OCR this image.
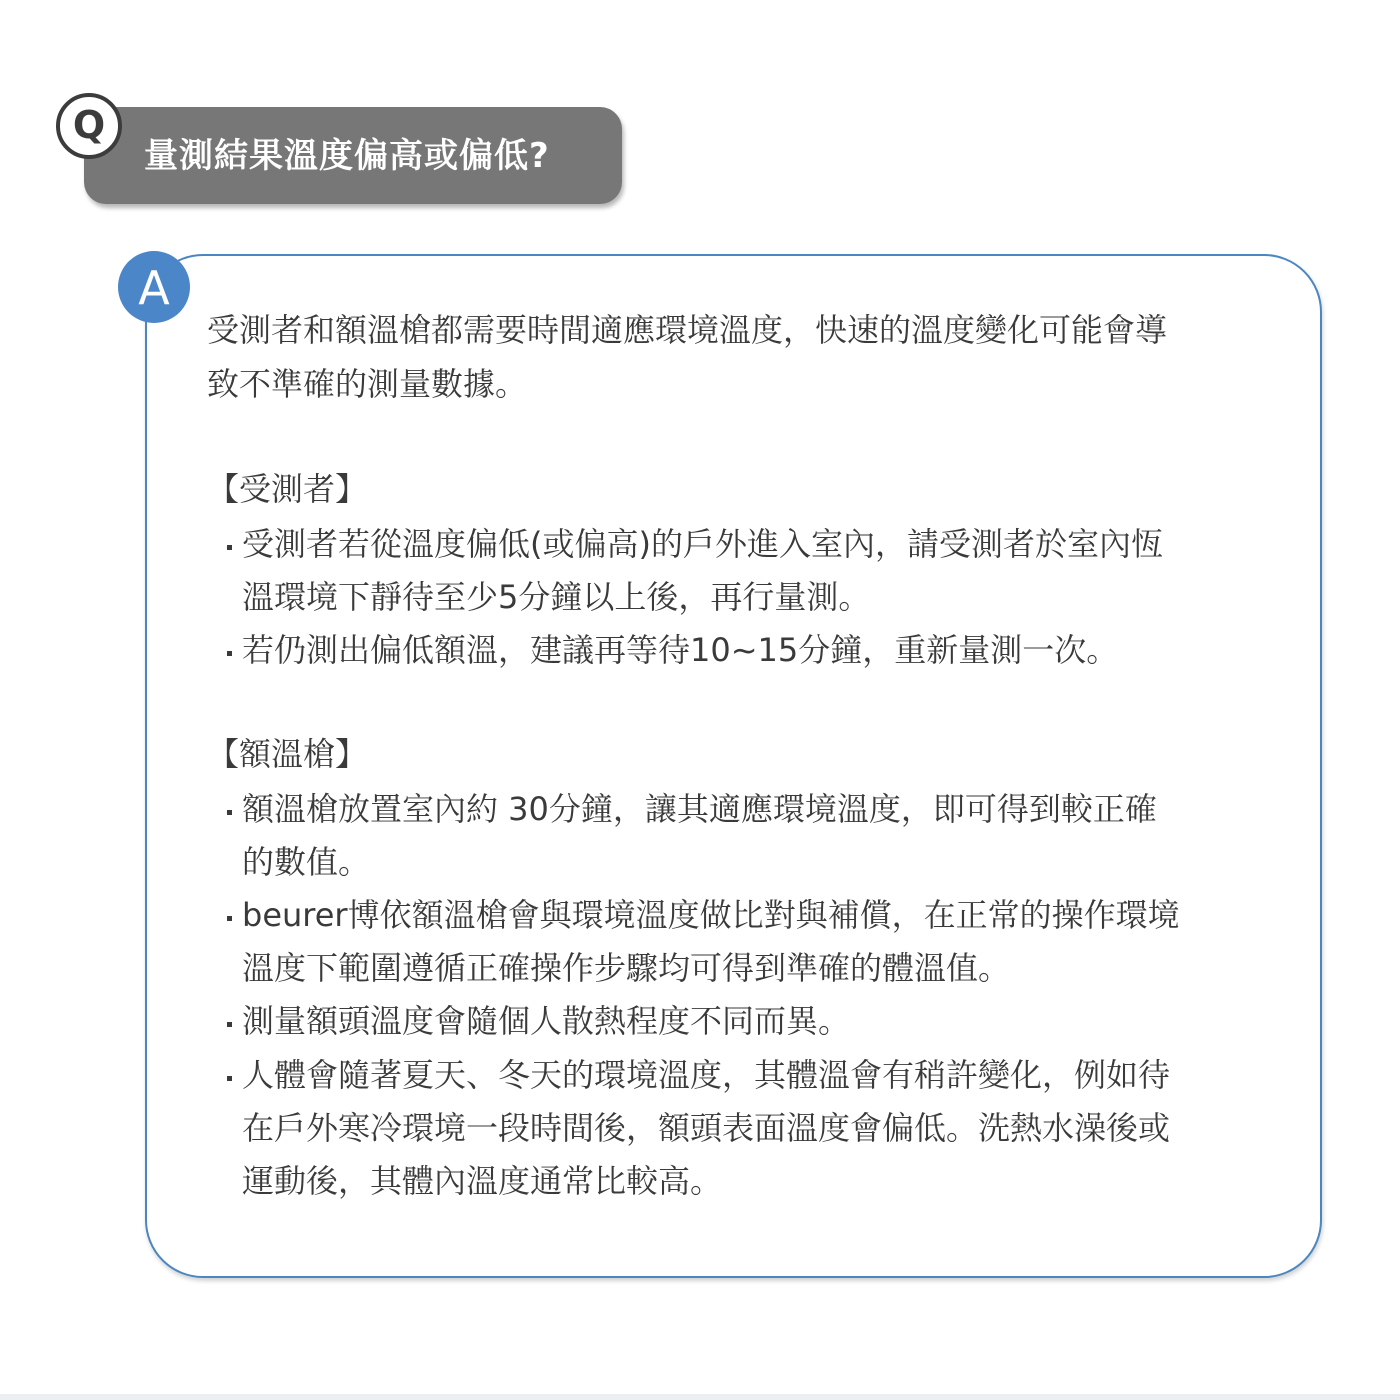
量測結果溫度偏高或偏低?
Q
A
受測者和額溫槍都需要時間適應環境溫度，快速的溫度變化可能會導
致不準確的測量數據。
【受測者】
受測者若從溫度偏低(或偏高)的戶外進入室內，請受測者於室內恆
溫環境下靜待至少5分鐘以上後，再行量測。
若仍測出偏低額溫，建議再等待10~15分鐘，重新量測一次。
【額溫槍】
額溫槍放置室內約 30分鐘，讓其適應環境溫度，即可得到較正確
的數值。
beurer博依額溫槍會與環境溫度做比對與補償，在正常的操作環境
溫度下範圍遵循正確操作步驟均可得到準確的體溫值。
測量額頭溫度會隨個人散熱程度不同而異。
人體會隨著夏天、冬天的環境溫度，其體溫會有稍許變化，例如待
在戶外寒冷環境一段時間後，額頭表面溫度會偏低。洗熱水澡後或
運動後，其體內溫度通常比較高。
